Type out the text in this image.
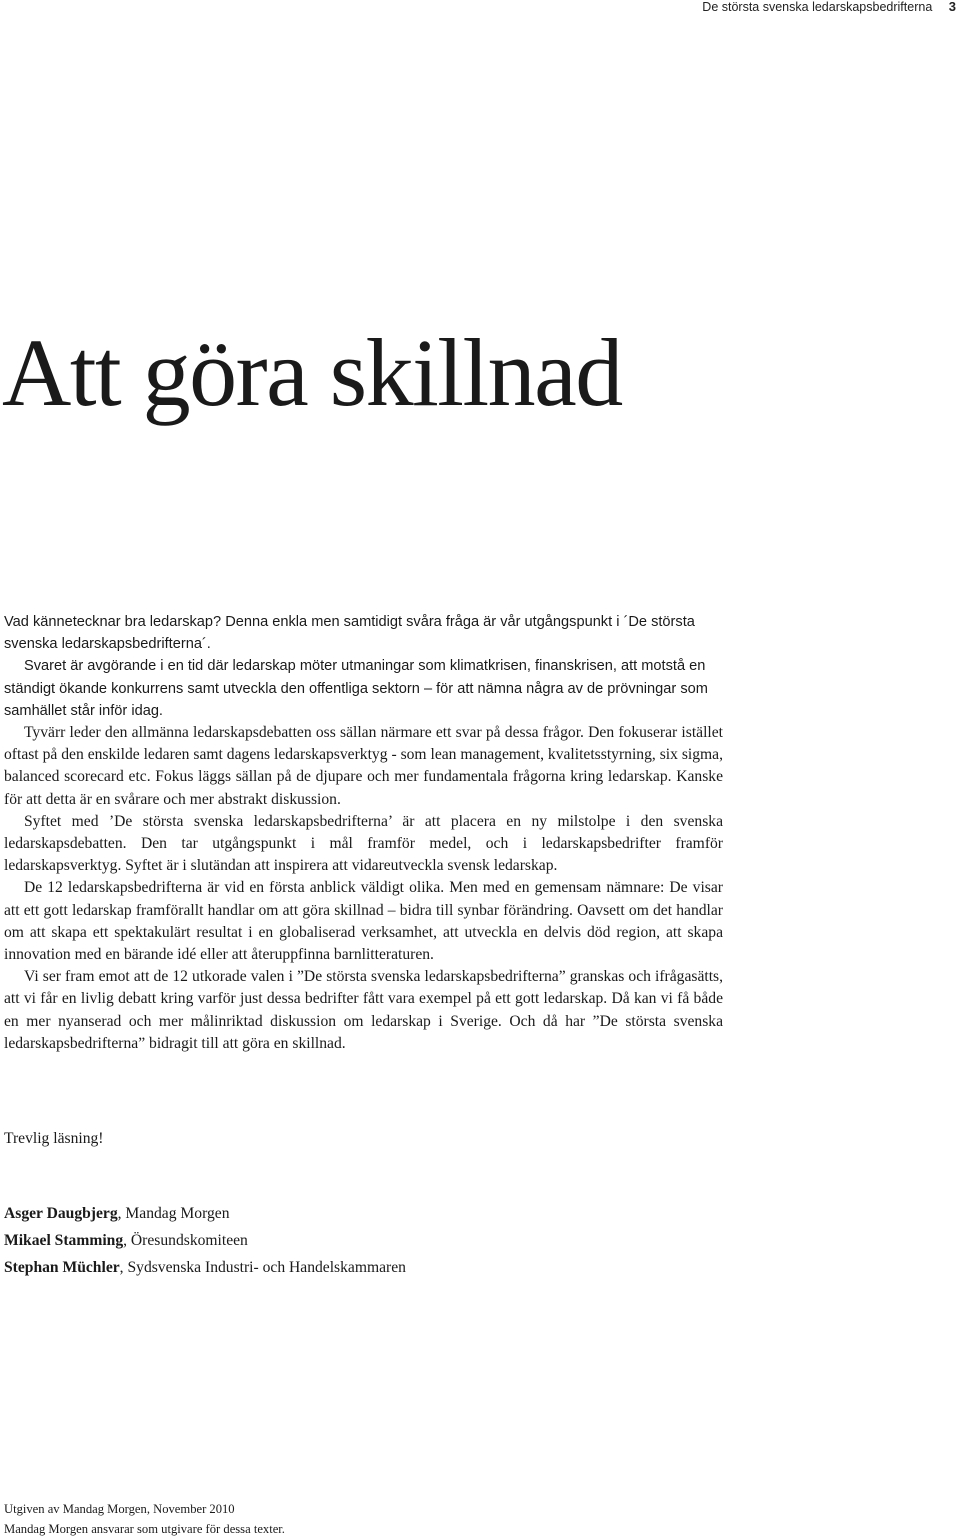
De största svenska ledarskapsbedrifterna 3
Att göra skillnad

Vad kännetecknar bra ledarskap? Denna enkla men samtidigt svåra fråga är vår utgångspunkt i ´De största svenska ledarskapsbedrifterna´.

Svaret är avgörande i en tid där ledarskap möter utmaningar som klimatkrisen, finanskrisen, att motstå en ständigt ökande konkurrens samt utveckla den offentliga sektorn – för att nämna några av de prövningar som samhället står inför idag.

Tyvärr leder den allmänna ledarskapsdebatten oss sällan närmare ett svar på dessa frågor. Den fokuserar istället oftast på den enskilde ledaren samt dagens ledarskapsverktyg - som lean management, kvalitetsstyrning, six sigma, balanced scorecard etc. Fokus läggs sällan på de djupare och mer fundamentala frågorna kring ledarskap. Kanske för att detta är en svårare och mer abstrakt diskussion.

Syftet med ’De största svenska ledarskapsbedrifterna’ är att placera en ny milstolpe i den svenska ledarskapsdebatten. Den tar utgångspunkt i mål framför medel, och i ledarskapsbedrifter framför ledarskapsverktyg. Syftet är i slutändan att inspirera att vidareutveckla svensk ledarskap.

De 12 ledarskapsbedrifterna är vid en första anblick väldigt olika. Men med en gemensam nämnare: De visar att ett gott ledarskap framförallt handlar om att göra skillnad – bidra till synbar förändring. Oavsett om det handlar om att skapa ett spektakulärt resultat i en globaliserad verksamhet, att utveckla en delvis död region, att skapa innovation med en bärande idé eller att återuppfinna barnlitteraturen.

Vi ser fram emot att de 12 utkorade valen i ”De största svenska ledarskapsbedrifterna” granskas och ifrågasätts, att vi får en livlig debatt kring varför just dessa bedrifter fått vara exempel på ett gott ledarskap. Då kan vi få både en mer nyanserad och mer målinriktad diskussion om ledarskap i Sverige. Och då har ”De största svenska ledarskapsbedrifterna” bidragit till att göra en skillnad.

Trevlig läsning!

Asger Daugbjerg, Mandag Morgen

Mikael Stamming, Öresundskomiteen

Stephan Müchler, Sydsvenska Industri- och Handelskammaren

Utgiven av Mandag Morgen, November 2010

Mandag Morgen ansvarar som utgivare för dessa texter.
